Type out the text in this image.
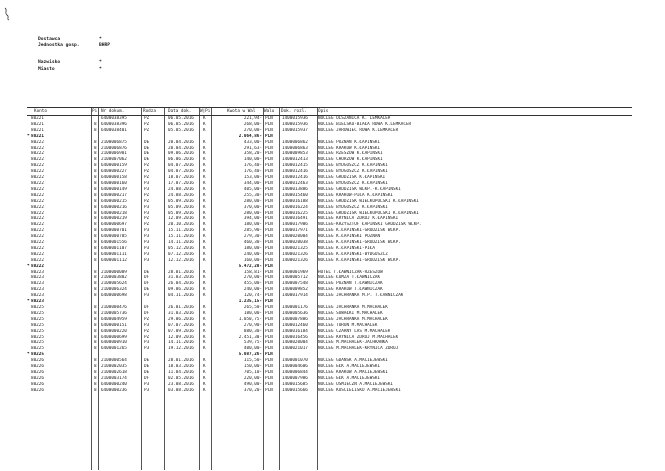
Dostawca	*
Jednostka gosp.	BHRP
Nazwisko	*
Miasto	*
Konto	Pi Nr dokum.	Rodza	Data dok. W|Pi	Kwota w Wal Walu Dok. rozl.	Opis
80221	6400038395	PZ	06.05.2016 K	221,94- PLN 1400015936 NOCLEG OLSZANICA K. LEMKACER
80221	8 6400038396	PZ	06.05.2016 K	268,00- PLN 1400015936 NOCLEG BIELSKO-BIAŁA RDWA K.LEMKACER
80221	8 6400038401	PZ	05.05.2016 K	270,00- PLN 1400015937 NOCLEG JAROWIEC ROWA K.LEMKACER
* 80221	2.064,86- PLN
80222	8 2100006875	DE	20.04.2016 K	433,00- PLN 1400006862 NOCLEG POZNAŃ K.ŁAPIŃSKI
80222	8 2100006876	DE	20.04.2016 K	291,63- PLN 1400006863 NOCLEG KRAKÓW K.ŁAPIŃSKI
80222	8 2100006901	DE	09.06.2016 K	358,20- PLN 1400009853 NOCLEG RZESZÓW K.ŁAPIŃSKI
80222	8 2100007062	DE	06.06.2016 K	140,00- PLN 1400012413 NOCLEG CHORZÓW K.ŁAPIŃSKI
80222	8 6400000159	PZ	04.07.2016 K	176,40- PLN 1400012415 NOCLEG BYDGOSZCZ K.ŁAPIŃSKI
80222	8 6400000227	PZ	04.07.2016 K	176,40- PLN 1400012416 NOCLEG BYDGOSZCZ K.ŁAPIŃSKI
80222	8 6400000158	PZ	18.07.2016 K	153,00- PLN 1400012416 NOCLEG GRODZISK K.ŁAPIŃSKI
80222	8 6400000160	P3	17.07.2016 K	344,00- PLN 1400012463 NOCLEG BYDGOSZCZ K.ŁAPIŃSKI
80222	8 6400000149	P3	24.08.2016 K	405,00- PLN 1400013886 NOCLEG GRODZISK WLKP.-K.ŁAPIŃSKI
80222	8 6400000217	PZ	24.08.2016 K	255,30- PLN 1400015460 NOCLEG KRAKÓW-PIŁA K.ŁAPIŃSKI
80222	8 6400000215	PZ	05.09.2016 K	280,00- PLN 1400016188 NOCLEG GRODZISK WIELKOPOLSKI K.ŁAPIŃSKI
80222	8 6400000216	P3	05.09.2016 K	370,00- PLN 1400016224 NOCLEG BYDGOSZCZ K.ŁAPIŃSKI
80222	8 6400000218	P3	05.09.2016 K	280,00- PLN 1400016225 NOCLEG GRODZISK WIELKOPOLSKI K.ŁAPIŃSKI
80222	8 6400000219	PZ	12.09.2016 K	394,00- PLN 1400016491 NOCLEG KRYNICA ZDRÓJ K.ŁAPIŃSKI
80222	8 6400000697	PZ	20.10.2016 K	180,00- PLN 1400017906 NOCLEG-KRZYSZTOF ŁAPIŃSKI GRODZISK WLKP.
80222	8 6400000701	P3	15.11.2016 K	285,90- PLN 1400017971 NOCLEG K.ŁAPIŃSKI-GRODZISK WLKP.
80222	8 6400000705	P3	15.11.2016 K	279,30- PLN 1400020004 NOCLEG K.ŁAPIŃSKI POZNAŃ
80222	8 6400001556	P3	14.11.2016 K	460,30- PLN 1400020038 NOCLEG K.ŁAPIŃSKI-GRODZISK WLKP.
80222	8 6400001107	P3	05.12.2016 K	180,00- PLN 1400021325 NOCLEG K.ŁAPIŃSKI-PIŁA
80222	8 6400001111	P3	07.12.2016 K	240,00- PLN 1400021326 NOCLEG K.ŁAPIŃSKI-BYDGOSZCZ
80222	8 6400001112	P3	12.12.2016 K	160,00- PLN 1400021326 NOCLEG K.ŁAPIŃSKI-GRODZISK WLKP.
* 80222	5.472,20- PLN
80223	8 2100000009	DE	28.01.2016 K	158,81- PLN 1400001969 HOTEL T.ŁAWNICZAK-RZESZÓW
80223	8 2100003802	DF	31.03.2016 K	270,00- PLN 1400005712 NOCLEG ŁOMŻA T.ŁAWNICZAK
80223	8 2100005624	DF	26.04.2016 K	455,00- PLN 1400007548 NOCLEG POZNAŃ T.ŁAWNICZAK
80223	8 2100006324	DE	09.06.2016 K	240,00- PLN 1400009852 NOCLEG KRAKÓW T.ŁAWNICZAK
80223	8 6400000698	P3	04.11.2016 K	120,74- PLN 1400017914 NOCLEG JACHRANKA M.P. T.ŁAWNICZAK
* 80223	1.235,15- PLN
80225	8 2100000476	DF	26.01.2016 K	265,50- PLN 1400001176 NOCLEG JACHRANKA M.MACHALEK
80225	8 2100005736	DF	31.03.2016 K	180,00- PLN 1400005636 NOCLEG SUWAŁKI M.MACHALEK
80225	8 6400004959	PZ	29.06.2016 K	1.050,75- PLN 1400007886 NOCLEG JACHRANKA M.MACHALEK
80225	8 6400000151	P3	07.07.2016 K	270,90- PLN 1400012460 NOCLEG TORUŃ M.MACHALEK
80225	8 6400000220	PZ	07.09.2016 K	880,30- PLN 1400016184 NOCLEG CZARNY LAS M.MACHALEK
80225	8 6400000699	PZ	12.09.2016 K	2.451,30- PLN 1400016456 NOCLEG KRYNICA ZDRÓJ M.MACHALEK
80225	8 6400000910	P3	14.11.2016 K	539,75- PLN 1400020004 NOCLEG M.MACHALEK-JACHRANKA
80225	8 6400001265	P3	19.12.2016 K	400,00- PLN 1400021017 NOCLEG M.MACHALEK-KRYNICA ZDRÓJ
* 80225	5.087,26- PLN
80226	8 2100000564	DE	28.01.2016 K	115,50- PLN 1400001070 NOCLEG GDAŃSK A.MACIEJEWSKI
80226	8 2100002035	DE	18.03.2016 K	150,00- PLN 1400004606 NOCLEG EŁK A.MACIEJEWSKI
80226	8 2100002618	DE	11.04.2016 K	705,10- PLN 1400006844 NOCLEG KRAKÓW A.MACIEJEWSKI
80226	8 2100003174	DF	02.05.2016 K	220,00- PLN 1400007986 NOCLEG EŁK A.MACIEJEWSKI
80226	8 6400000240	P3	23.08.2016 K	490,00- PLN 1400015685 NOCLEG UŚMIECZN A.MACIEJEWSKI
80226	8 6400000236	P3	03.08.2016 K	370,20- PLN 1400015666 NOCLEG KOŚCIELISKO A.MACIEJEWSKI
